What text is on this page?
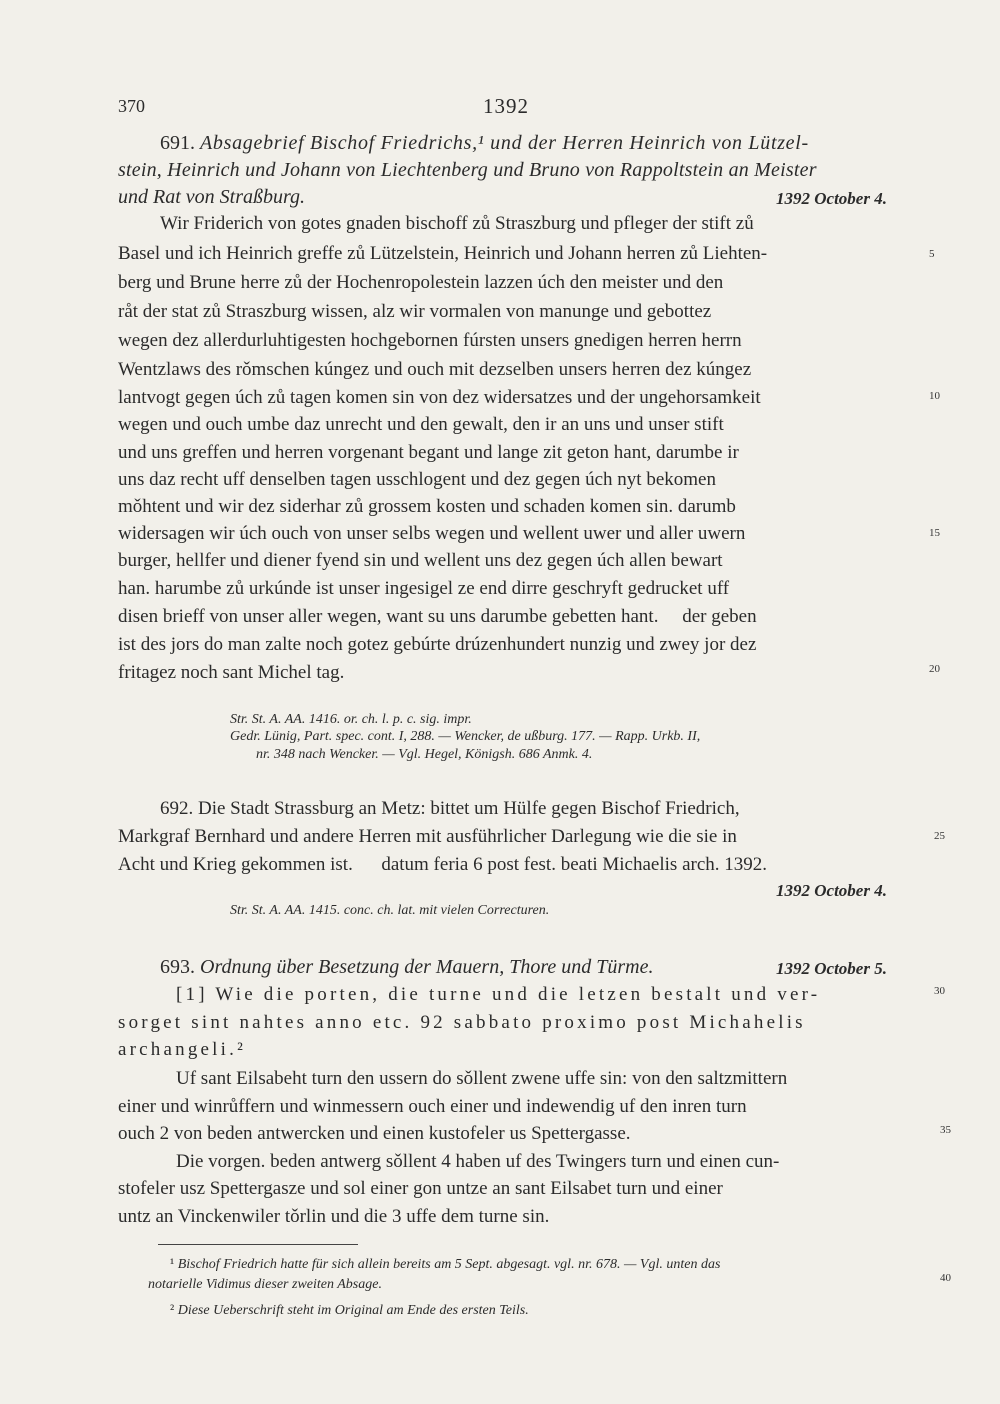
370	1392
691. Absagebrief Bischof Friedrichs,¹ und der Herren Heinrich von Lützel-
stein, Heinrich und Johann von Liechtenberg und Bruno von Rappoltstein an Meister
und Rat von Straßburg.	1392 October 4.
Wir Friderich von gotes gnaden bischoff zů Straszburg und pfleger der stift zů
Basel und ich Heinrich greffe zů Lützelstein, Heinrich und Johann herren zů Liehten-
berg und Brune herre zů der Hochenropolestein lazzen úch den meister und den
råt der stat zů Straszburg wissen, alz wir vormalen von manunge und gebottez
wegen dez allerdurluhtigesten hochgebornen fúrsten unsers gnedigen herren herrn
Wentzlaws des rǒmschen kúngez und ouch mit dezselben unsers herren dez kúngez
lantvogt gegen úch zů tagen komen sin von dez widersatzes und der ungehorsamkeit
wegen und ouch umbe daz unrecht und den gewalt, den ir an uns und unser stift
und uns greffen und herren vorgenant begant und lange zit geton hant, darumbe ir
uns daz recht uff denselben tagen usschlogent und dez gegen úch nyt bekomen
mǒhtent und wir dez siderhar zů grossem kosten und schaden komen sin. darumb
widersagen wir úch ouch von unser selbs wegen und wellent uwer und aller uwern
burger, hellfer und diener fyend sin und wellent uns dez gegen úch allen bewart
han. harumbe zů urkúnde ist unser ingesigel ze end dirre geschryft gedrucket uff
disen brieff von unser aller wegen, want su uns darumbe gebetten hant.     der geben
ist des jors do man zalte noch gotez gebúrte drúzenhundert nunzig und zwey jor dez
fritagez noch sant Michel tag.
Str. St. A. AA. 1416. or. ch. l. p. c. sig. impr.
Gedr. Lünig, Part. spec. cont. I, 288. — Wencker, de ußburg. 177. — Rapp. Urkb. II,
nr. 348 nach Wencker. — Vgl. Hegel, Königsh. 686 Anmk. 4.
692. Die Stadt Strassburg an Metz: bittet um Hülfe gegen Bischof Friedrich,
Markgraf Bernhard und andere Herren mit ausführlicher Darlegung wie die sie in
Acht und Krieg gekommen ist.      datum feria 6 post fest. beati Michaelis arch. 1392.
1392 October 4.
Str. St. A. AA. 1415. conc. ch. lat. mit vielen Correcturen.
693. Ordnung über Besetzung der Mauern, Thore und Türme.	1392 October 5.
[1] Wie die porten, die turne und die letzen bestalt und ver-
sorget sint nahtes anno etc. 92 sabbato proximo post Michahelis
archangeli.²
Uf sant Eilsabeht turn den ussern do sǒllent zwene uffe sin: von den saltzmittern
einer und winrůffern und winmessern ouch einer und indewendig uf den inren turn
ouch 2 von beden antwercken und einen kustofeler us Spettergasse.
Die vorgen. beden antwerg sǒllent 4 haben uf des Twingers turn und einen cun-
stofeler usz Spettergasze und sol einer gon untze an sant Eilsabet turn und einer
untz an Vinckenwiler tǒrlin und die 3 uffe dem turne sin.
¹ Bischof Friedrich hatte für sich allein bereits am 5 Sept. abgesagt. vgl. nr. 678. — Vgl. unten das
notarielle Vidimus dieser zweiten Absage.
² Diese Ueberschrift steht im Original am Ende des ersten Teils.
5
10
15
20
25
30
35
40
